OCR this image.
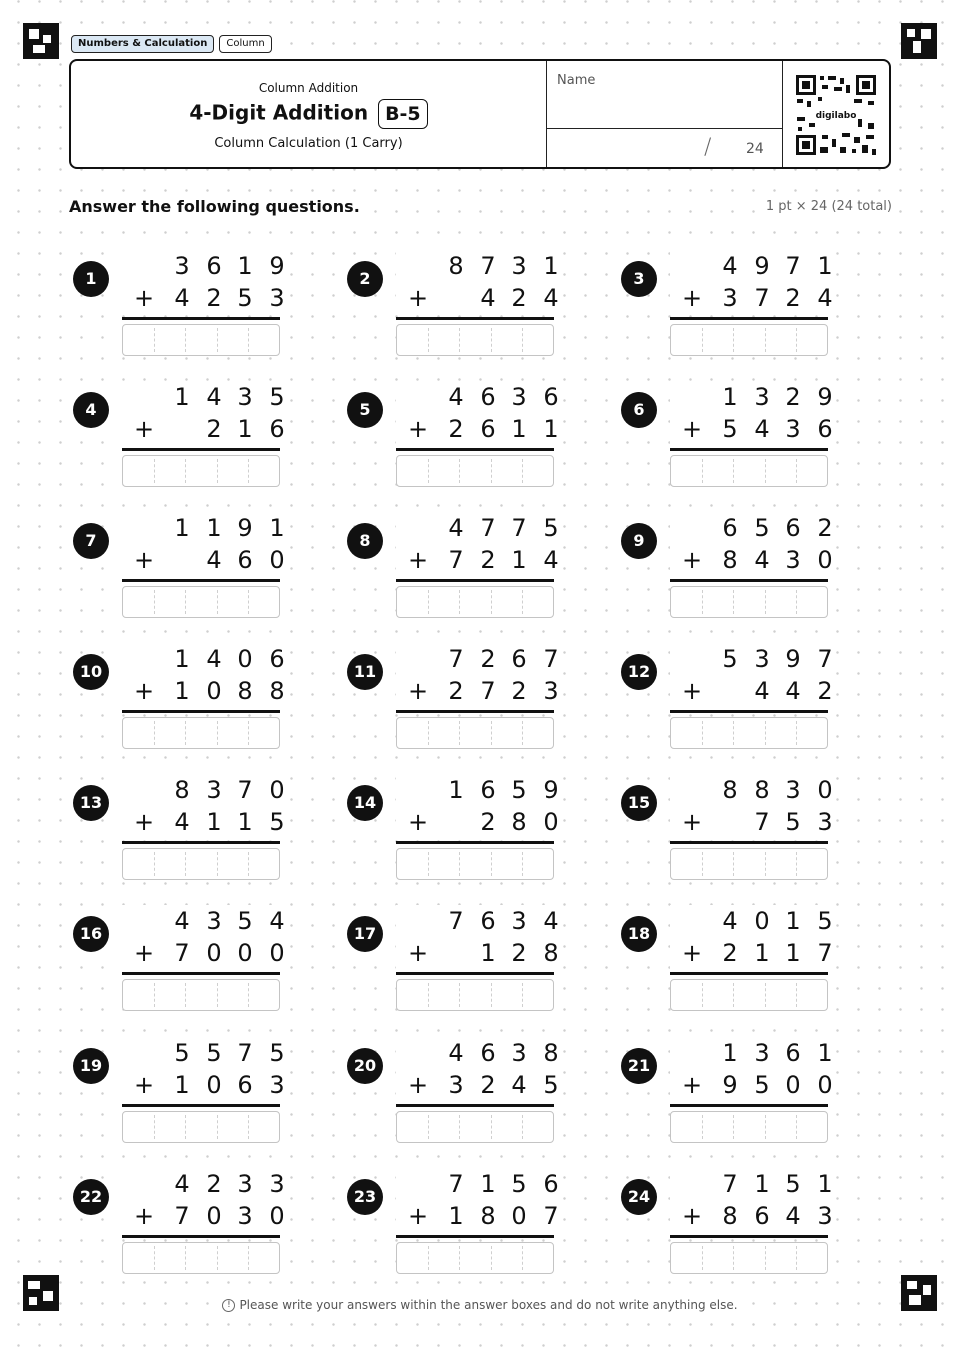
Numbers & Calculation	Column
Column Addition
4-Digit Addition B-5
Column Calculation (1 Carry)
Name
/ 24
digilabo
Answer the following questions.	1 pt × 24 (24 total)
1	3 6 1 9
+ 4 2 5 3
2	8 7 3 1
+ 4 2 4
3	4 9 7 1
+ 3 7 2 4
4	1 4 3 5
+ 2 1 6
5	4 6 3 6
+ 2 6 1 1
6	1 3 2 9
+ 5 4 3 6
7	1 1 9 1
+ 4 6 0
8	4 7 7 5
+ 7 2 1 4
9	6 5 6 2
+ 8 4 3 0
10	1 4 0 6
+ 1 0 8 8
11	7 2 6 7
+ 2 7 2 3
12	5 3 9 7
+ 4 4 2
13	8 3 7 0
+ 4 1 1 5
14	1 6 5 9
+ 2 8 0
15	8 8 3 0
+ 7 5 3
16	4 3 5 4
+ 7 0 0 0
17	7 6 3 4
+ 1 2 8
18	4 0 1 5
+ 2 1 1 7
19	5 5 7 5
+ 1 0 6 3
20	4 6 3 8
+ 3 2 4 5
21	1 3 6 1
+ 9 5 0 0
22	4 2 3 3
+ 7 0 3 0
23	7 1 5 6
+ 1 8 0 7
24	7 1 5 1
+ 8 6 4 3
! Please write your answers within the answer boxes and do not write anything else.
